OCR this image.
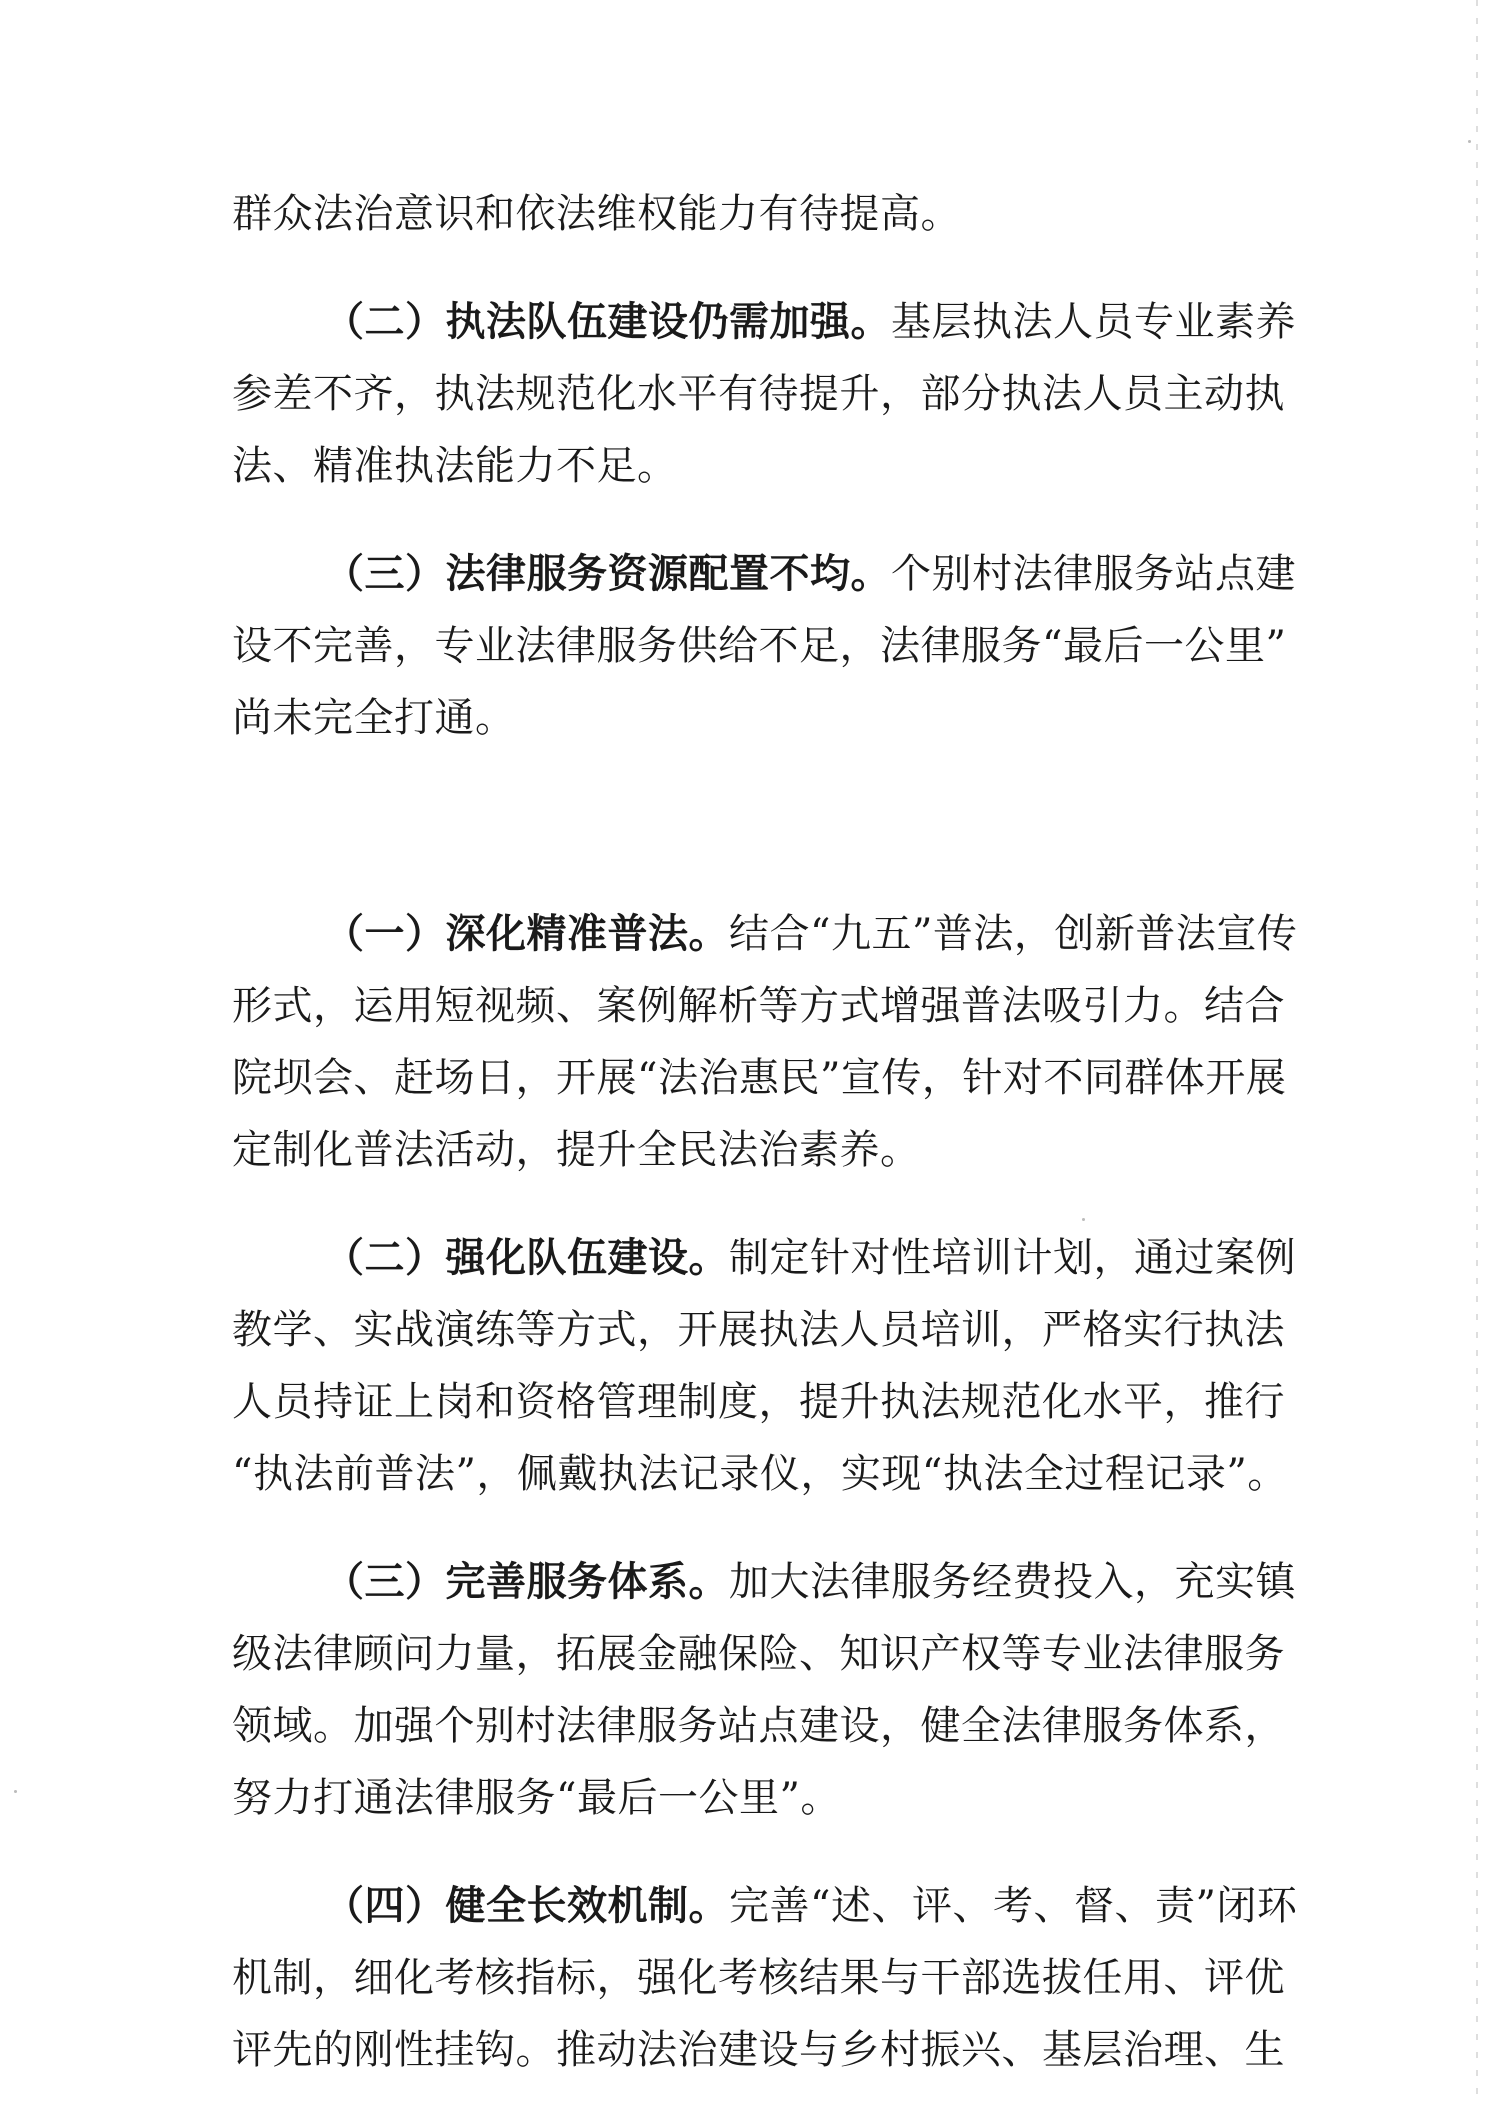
群众法治意识和依法维权能力有待提高。
（二）执法队伍建设仍需加强。基层执法人员专业素养
参差不齐，执法规范化水平有待提升，部分执法人员主动执
法、精准执法能力不足。
（三）法律服务资源配置不均。个别村法律服务站点建
设不完善，专业法律服务供给不足，法律服务“最后一公里”
尚未完全打通。
（一）深化精准普法。结合“九五”普法，创新普法宣传
形式，运用短视频、案例解析等方式增强普法吸引力。结合
院坝会、赶场日，开展“法治惠民”宣传，针对不同群体开展
定制化普法活动，提升全民法治素养。
（二）强化队伍建设。制定针对性培训计划，通过案例
教学、实战演练等方式，开展执法人员培训，严格实行执法
人员持证上岗和资格管理制度，提升执法规范化水平，推行
“执法前普法”，佩戴执法记录仪，实现“执法全过程记录”。
（三）完善服务体系。加大法律服务经费投入，充实镇
级法律顾问力量，拓展金融保险、知识产权等专业法律服务
领域。加强个别村法律服务站点建设，健全法律服务体系，
努力打通法律服务“最后一公里”。
（四）健全长效机制。完善“述、评、考、督、责”闭环
机制，细化考核指标，强化考核结果与干部选拔任用、评优
评先的刚性挂钩。推动法治建设与乡村振兴、基层治理、生
